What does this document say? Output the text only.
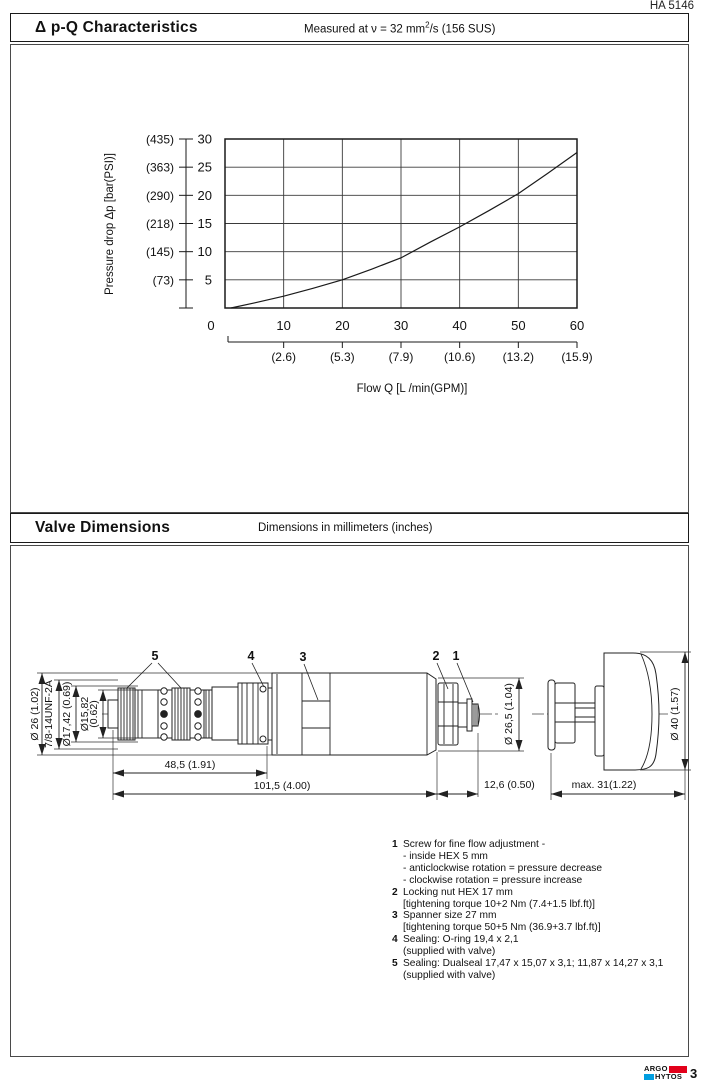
HA 5146
Δ p-Q Characteristics	Measured at ν = 32 $mm^2/s$ (156 SUS)
0	10	20	30	40	50	60
5
10
15
20
25
30
(73)
(145)
(218)
(290)
(363)
(435)
(2.6)	(5.3)	(7.9)	(10.6) (13.2) (15.9)
Flow Q [L /min(GPM)]
Pressure drop Δp [bar(PSI)]
Valve Dimensions	Dimensions in millimeters (inches)
5	4	3	2 1
Ø 26 (1.02) 7/8-14UNF-2A Ø17,42 (0.69) Ø15,82
(0.62)
48,5 (1.91)
101,5 (4.00)	12,6 (0.50)
Ø 26,5 (1.04)	Ø 40 (1.57)
max. 31(1.22)
1 Screw for fine flow adjustment -
- inside HEX 5 mm
- anticlockwise rotation = pressure decrease
- clockwise rotation = pressure increase
2 Locking nut HEX 17 mm
[tightening torque 10+2 Nm (7.4+1.5 lbf.ft)]
3 Spanner size 27 mm
[tightening torque 50+5 Nm (36.9+3.7 lbf.ft)]
4 Sealing: O-ring 19,4 x 2,1
(supplied with valve)
5 Sealing: Dualseal 17,47 x 15,07 x 3,1; 11,87 x 14,27 x 3,1
(supplied with valve)
ARGO
HYTOS 3
